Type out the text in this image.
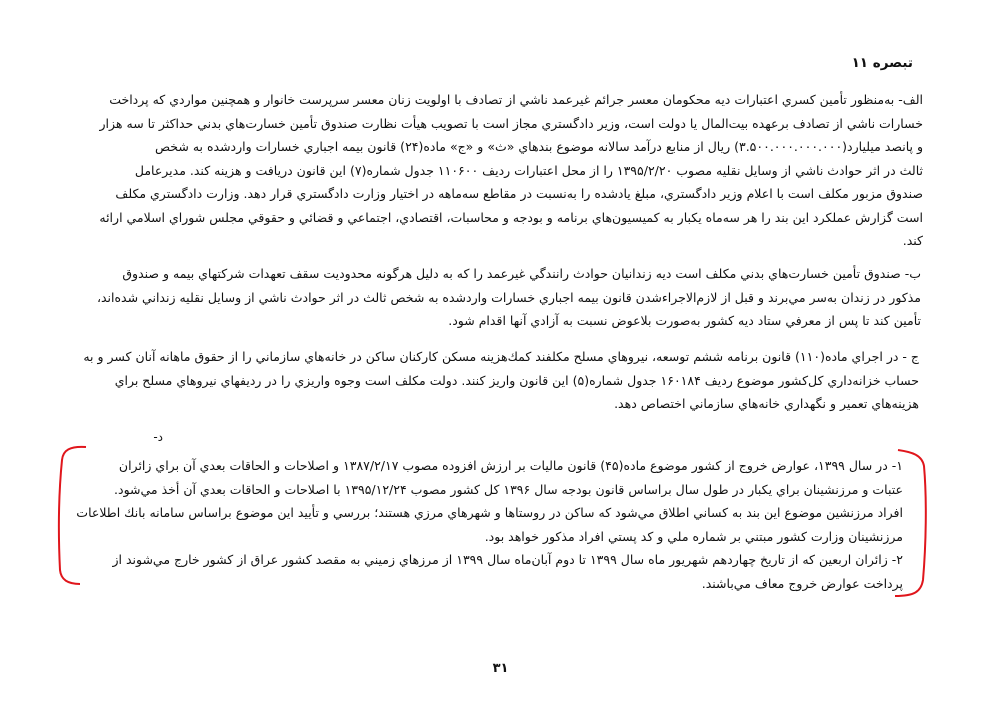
تبصره ۱۱
الف- به‌منظور تأمين كسري اعتبارات ديه محكومان معسر جرائم غيرعمد ناشي از تصادف با اولويت زنان معسر سرپرست خانوار و همچنين مواردي كه پرداخت
خسارات ناشي از تصادف برعهده بيت‌المال يا دولت است، وزير دادگستري مجاز است با تصويب هيأت نظارت صندوق تأمين خسارت‌هاي بدني حداكثر تا سه هزار
و پانصد ميليارد(۳.۵۰۰.۰۰۰.۰۰۰.۰۰۰) ريال از منابع درآمد سالانه موضوع بندهاي «ث» و «ج» ماده(۲۴) قانون بيمه اجباري خسارات واردشده به شخص
ثالث در اثر حوادث ناشي از وسايل نقليه مصوب ۱۳۹۵/۲/۲۰ را از محل اعتبارات رديف ۱۱۰۶۰۰ جدول شماره(۷) اين قانون دريافت و هزينه كند. مديرعامل
صندوق مزبور مكلف است با اعلام وزير دادگستري، مبلغ يادشده را به‌نسبت در مقاطع سه‌ماهه در اختيار وزارت دادگستري قرار دهد. وزارت دادگستري مكلف
است گزارش عملكرد اين بند را هر سه‌ماه يكبار به كميسيون‌هاي برنامه و بودجه و محاسبات، اقتصادي، اجتماعي و قضائي و حقوقي مجلس شوراي اسلامي ارائه
كند.
ب- صندوق تأمين خسارت‌هاي بدني مكلف است ديه زندانيان حوادث رانندگي غيرعمد را كه به دليل هرگونه محدوديت سقف تعهدات شركتهاي بيمه و صندوق
مذكور در زندان به‌سر مي‌برند و قبل از لازم‌الاجراءشدن قانون بيمه اجباري خسارات واردشده به شخص ثالث در اثر حوادث ناشي از وسايل نقليه زنداني شده‌اند،
تأمين كند تا پس از معرفي ستاد ديه كشور به‌صورت بلاعوض نسبت به آزادي آنها اقدام شود.
ج - در اجراي ماده(۱۱۰) قانون برنامه ششم توسعه، نيروهاي مسلح مكلفند كمك‌هزينه مسكن كاركنان ساكن در خانه‌هاي سازماني را از حقوق ماهانه آنان كسر و به
حساب خزانه‌داري كل‌كشور موضوع رديف ۱۶۰۱۸۴ جدول شماره(۵) اين قانون واريز كنند. دولت مكلف است وجوه واريزي را در رديفهاي نيروهاي مسلح براي
هزينه‌هاي تعمير و نگهداري خانه‌هاي سازماني اختصاص دهد.
د-
۱- در سال ۱۳۹۹، عوارض خروج از كشور موضوع ماده(۴۵) قانون ماليات بر ارزش افزوده مصوب ۱۳۸۷/۲/۱۷ و اصلاحات و الحاقات بعدي آن براي زائران
عتبات و مرزنشينان براي يكبار در طول سال براساس قانون بودجه سال ۱۳۹۶ كل كشور مصوب ۱۳۹۵/۱۲/۲۴ با اصلاحات و الحاقات بعدي آن أخذ مي‌شود.
افراد مرزنشين موضوع اين بند به كساني اطلاق مي‌شود كه ساكن در روستاها و شهرهاي مرزي هستند؛ بررسي و تأييد اين موضوع براساس سامانه بانك اطلاعات
مرزنشينان وزارت كشور مبتني بر شماره ملي و كد پستي افراد مذكور خواهد بود.
۲- زائران اربعين كه از تاريخ چهاردهم شهريور ماه سال ۱۳۹۹ تا دوم آبان‌ماه سال ۱۳۹۹ از مرزهاي زميني به مقصد كشور عراق از كشور خارج مي‌شوند از
پرداخت عوارض خروج معاف مي‌باشند.
۳۱
